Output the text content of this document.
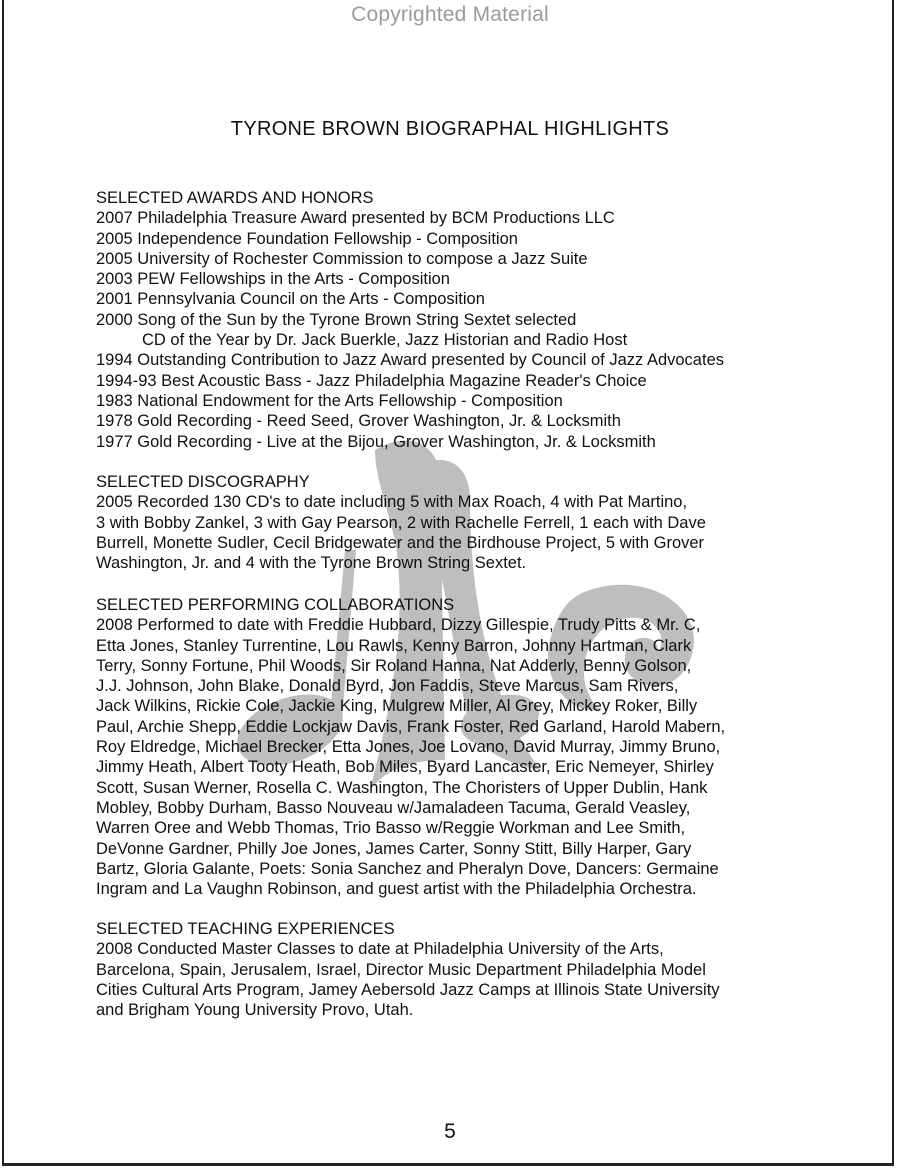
Copyrighted Material
TYRONE BROWN BIOGRAPHAL HIGHLIGHTS

SELECTED AWARDS AND HONORS

2007 Philadelphia Treasure Award presented by BCM Productions LLC

2005 Independence Foundation Fellowship - Composition

2005 University of Rochester Commission to compose a Jazz Suite

2003 PEW Fellowships in the Arts - Composition

2001 Pennsylvania Council on the Arts - Composition

2000 Song of the Sun by the Tyrone Brown String Sextet selected

CD of the Year by Dr. Jack Buerkle, Jazz Historian and Radio Host

1994 Outstanding Contribution to Jazz Award presented by Council of Jazz Advocates

1994-93 Best Acoustic Bass - Jazz Philadelphia Magazine Reader's Choice

1983 National Endowment for the Arts Fellowship - Composition

1978 Gold Recording - Reed Seed, Grover Washington, Jr. & Locksmith

1977 Gold Recording - Live at the Bijou, Grover Washington, Jr. & Locksmith

SELECTED DISCOGRAPHY

2005 Recorded 130 CD's to date including 5 with Max Roach, 4 with Pat Martino,

3 with Bobby Zankel, 3 with Gay Pearson, 2 with Rachelle Ferrell, 1 each with Dave

Burrell, Monette Sudler, Cecil Bridgewater and the Birdhouse Project, 5 with Grover

Washington, Jr. and 4 with the Tyrone Brown String Sextet.

SELECTED PERFORMING COLLABORATIONS

2008 Performed to date with Freddie Hubbard, Dizzy Gillespie, Trudy Pitts & Mr. C,

Etta Jones, Stanley Turrentine, Lou Rawls, Kenny Barron, Johnny Hartman, Clark

Terry, Sonny Fortune, Phil Woods, Sir Roland Hanna, Nat Adderly, Benny Golson,

J.J. Johnson, John Blake, Donald Byrd, Jon Faddis, Steve Marcus, Sam Rivers,

Jack Wilkins, Rickie Cole, Jackie King, Mulgrew Miller, Al Grey, Mickey Roker, Billy

Paul, Archie Shepp, Eddie Lockjaw Davis, Frank Foster, Red Garland, Harold Mabern,

Roy Eldredge, Michael Brecker, Etta Jones, Joe Lovano, David Murray, Jimmy Bruno,

Jimmy Heath, Albert Tooty Heath, Bob Miles, Byard Lancaster, Eric Nemeyer, Shirley

Scott, Susan Werner, Rosella C. Washington, The Choristers of Upper Dublin, Hank

Mobley, Bobby Durham, Basso Nouveau w/Jamaladeen Tacuma, Gerald Veasley,

Warren Oree and Webb Thomas, Trio Basso w/Reggie Workman and Lee Smith,

DeVonne Gardner, Philly Joe Jones, James Carter, Sonny Stitt, Billy Harper, Gary

Bartz, Gloria Galante, Poets: Sonia Sanchez and Pheralyn Dove, Dancers: Germaine

Ingram and La Vaughn Robinson, and guest artist with the Philadelphia Orchestra.

SELECTED TEACHING EXPERIENCES

2008 Conducted Master Classes to date at Philadelphia University of the Arts,

Barcelona, Spain, Jerusalem, Israel, Director Music Department Philadelphia Model

Cities Cultural Arts Program, Jamey Aebersold Jazz Camps at Illinois State University

and Brigham Young University Provo, Utah.

5
